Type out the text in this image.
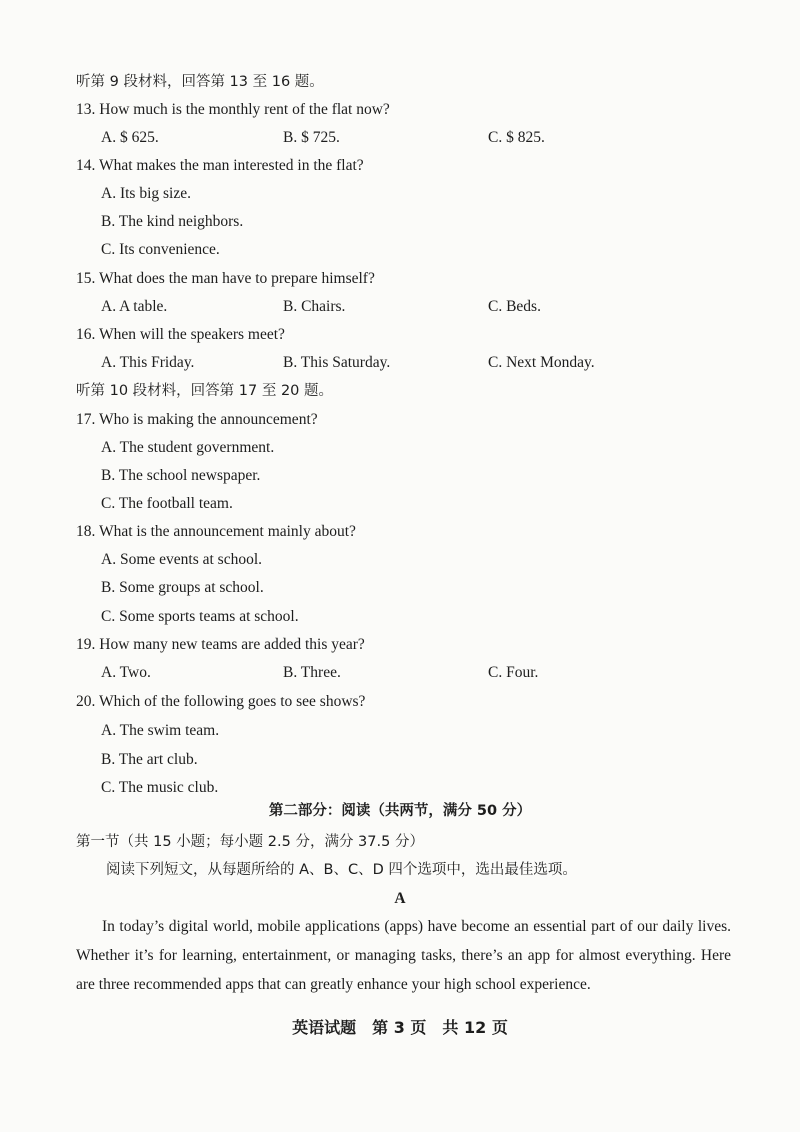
听第 9 段材料，回答第 13 至 16 题。
13. How much is the monthly rent of the flat now?
A. $ 625.	B. $ 725.	C. $ 825.
14. What makes the man interested in the flat?
A. Its big size.
B. The kind neighbors.
C. Its convenience.
15. What does the man have to prepare himself?
A. A table.	B. Chairs.	C. Beds.
16. When will the speakers meet?
A. This Friday.	B. This Saturday.	C. Next Monday.
听第 10 段材料，回答第 17 至 20 题。
17. Who is making the announcement?
A. The student government.
B. The school newspaper.
C. The football team.
18. What is the announcement mainly about?
A. Some events at school.
B. Some groups at school.
C. Some sports teams at school.
19. How many new teams are added this year?
A. Two.	B. Three.	C. Four.
20. Which of the following goes to see shows?
A. The swim team.
B. The art club.
C. The music club.
第二部分：阅读（共两节，满分 50 分）
第一节（共 15 小题；每小题 2.5 分，满分 37.5 分）
阅读下列短文，从每题所给的 A、B、C、D 四个选项中，选出最佳选项。
A
In today’s digital world, mobile applications (apps) have become an essential part of our daily lives. Whether it’s for learning, entertainment, or managing tasks, there’s an app for almost everything. Here are three recommended apps that can greatly enhance your high school experience.
英语试题　第 3 页　共 12 页
